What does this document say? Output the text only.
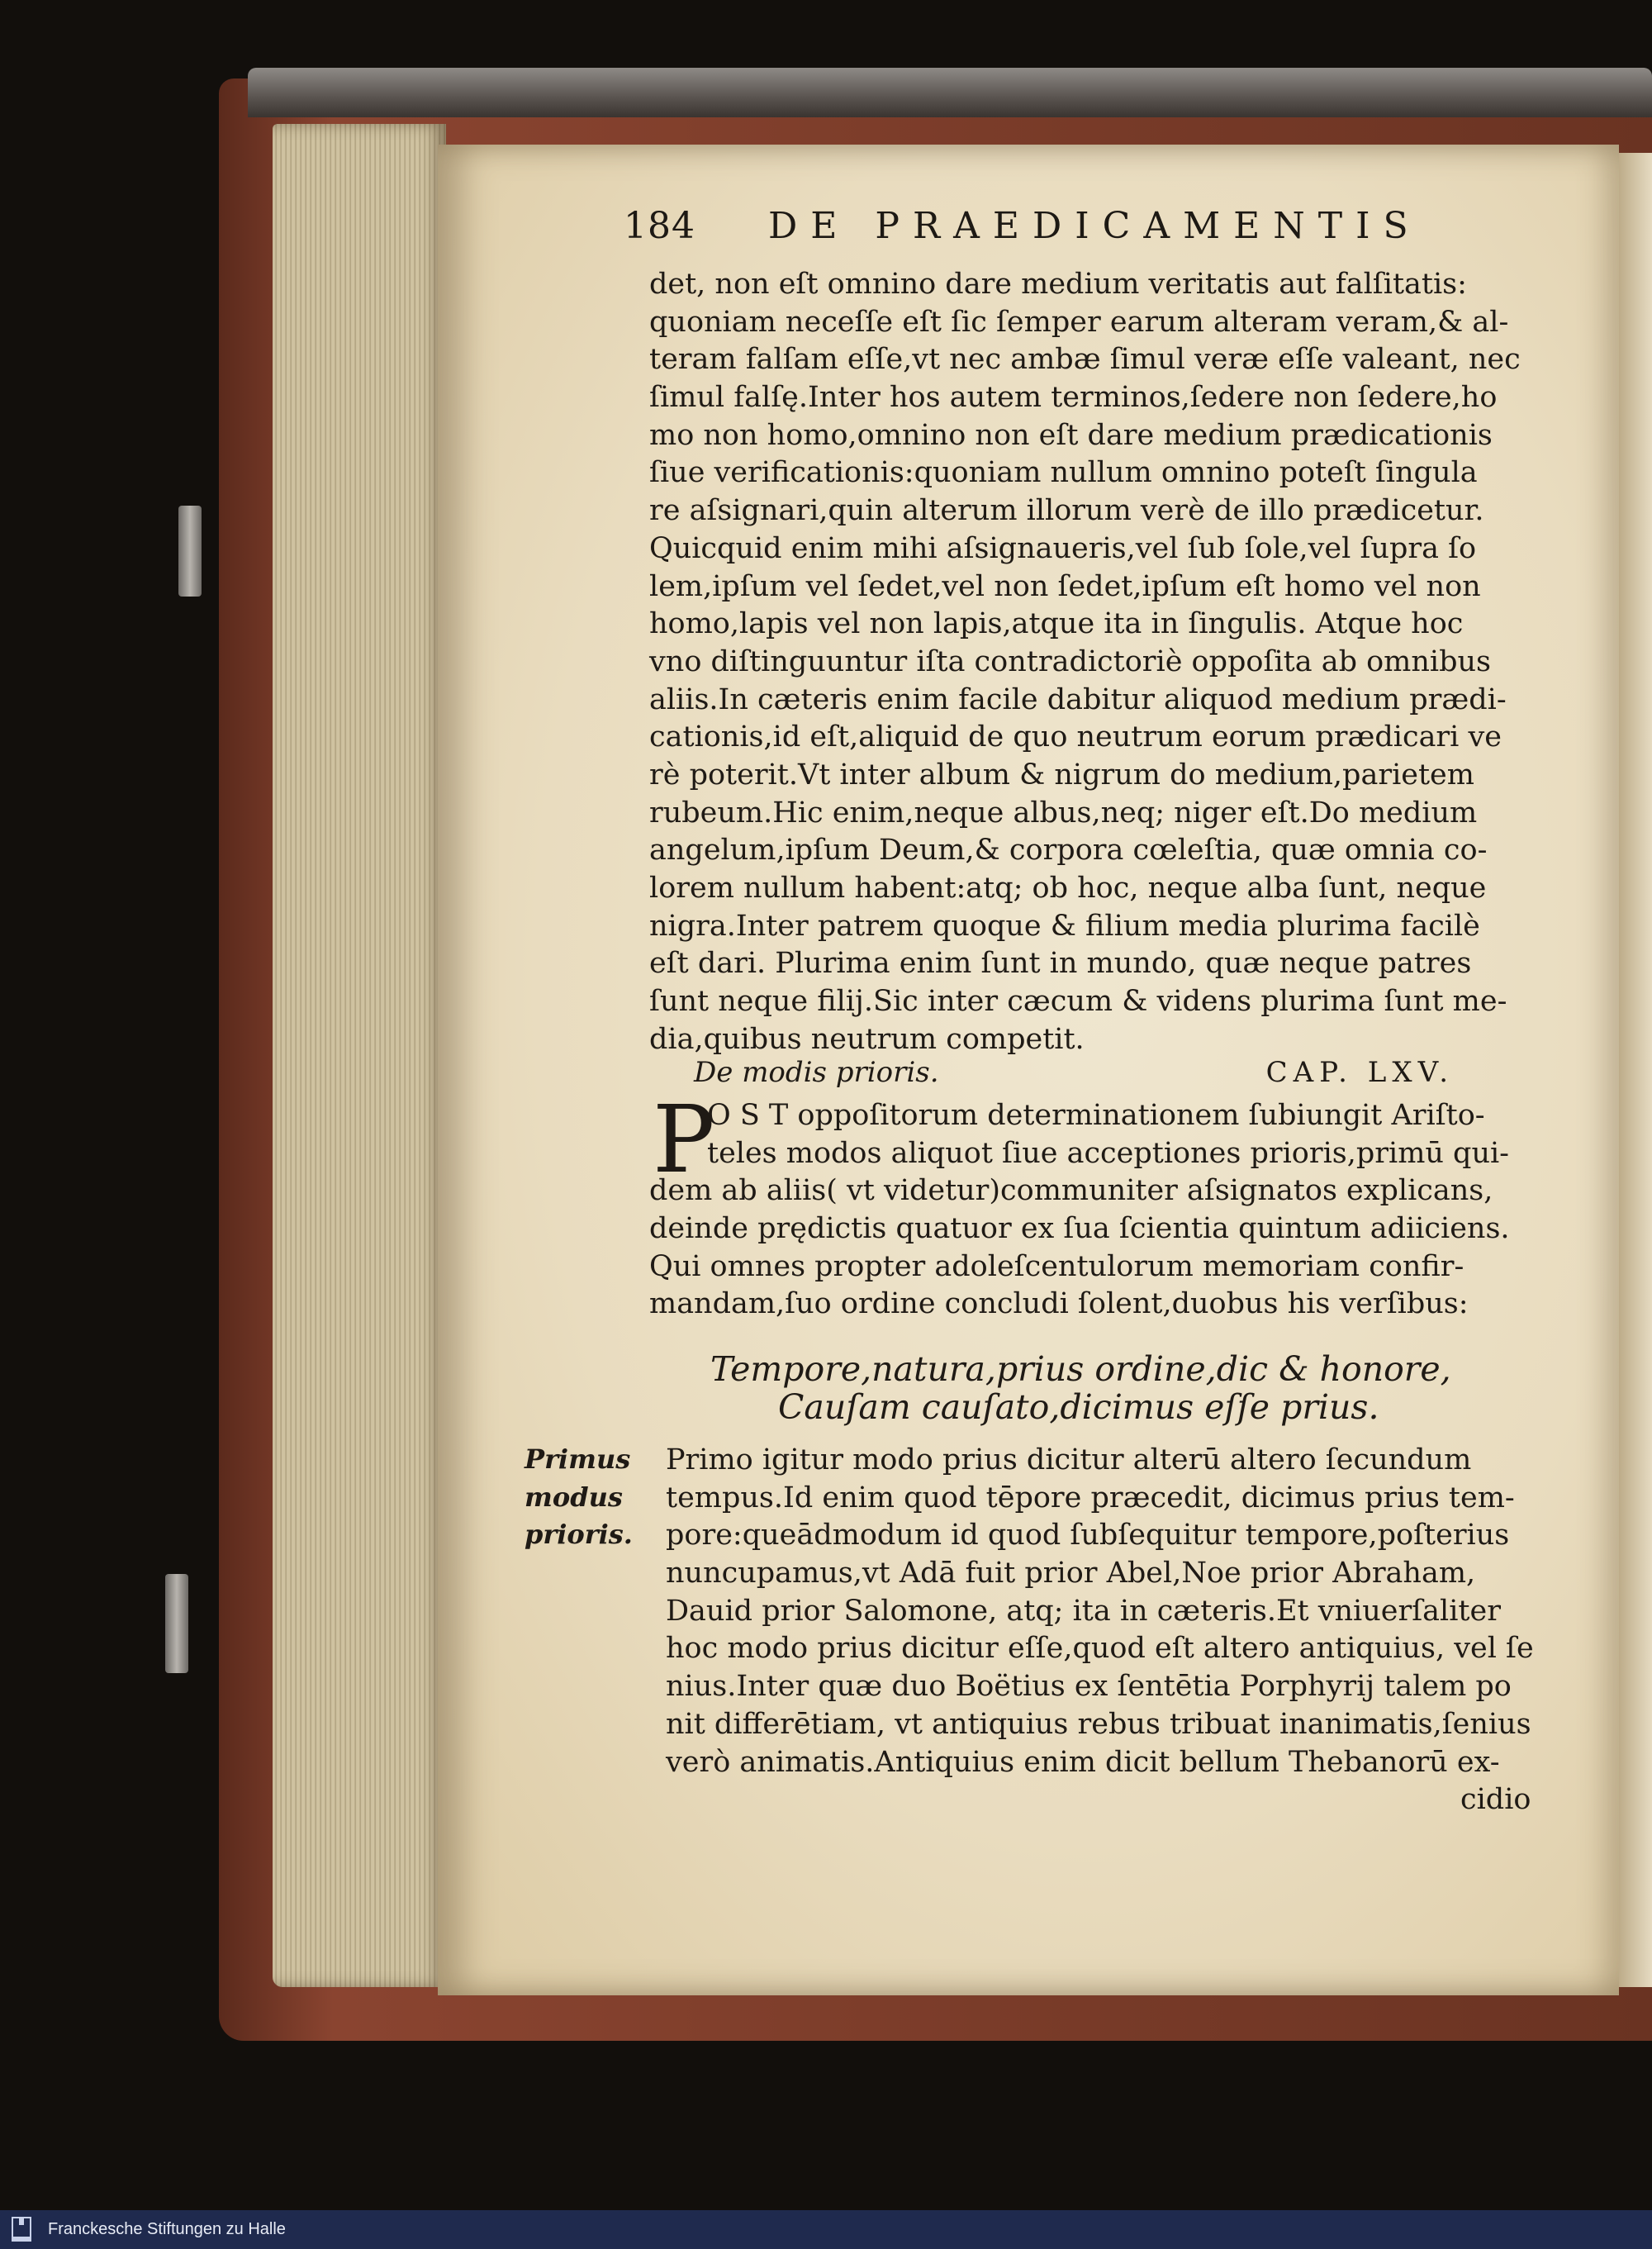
184 DE PRAEDICAMENTIS
det, non eſt omnino dare medium veritatis aut falſitatis:
quoniam neceſſe eſt ſic ſemper earum alteram veram,& al-
teram falſam eſſe,vt nec ambæ ſimul veræ eſſe valeant, nec
ſimul falſę.Inter hos autem terminos,ſedere non ſedere,ho
mo non homo,omnino non eſt dare medium prædicationis
ſiue verificationis:quoniam nullum omnino poteſt ſingula
re aſsignari,quin alterum illorum verè de illo prædicetur.
Quicquid enim mihi aſsignaueris,vel ſub ſole,vel ſupra ſo
lem,ipſum vel ſedet,vel non ſedet,ipſum eſt homo vel non
homo,lapis vel non lapis,atque ita in ſingulis. Atque hoc
vno diſtinguuntur iſta contradictoriè oppoſita ab omnibus
aliis.In cæteris enim facile dabitur aliquod medium prædi-
cationis,id eſt,aliquid de quo neutrum eorum prædicari ve
rè poterit.Vt inter album & nigrum do medium,parietem
rubeum.Hic enim,neque albus,neq; niger eſt.Do medium
angelum,ipſum Deum,& corpora cœleſtia, quæ omnia co-
lorem nullum habent:atq; ob hoc, neque alba ſunt, neque
nigra.Inter patrem quoque & filium media plurima facilè
eſt dari. Plurima enim ſunt in mundo, quæ neque patres
ſunt neque filij.Sic inter cæcum & videns plurima ſunt me-
dia,quibus neutrum competit.
De modis prioris.	CAP. LXV.
P
O S T oppoſitorum determinationem ſubiungit Ariſto-
teles modos aliquot ſiue acceptiones prioris,primū qui-
dem ab aliis( vt videtur)communiter aſsignatos explicans,
deinde prędictis quatuor ex ſua ſcientia quintum adiiciens.
Qui omnes propter adoleſcentulorum memoriam confir-
mandam,ſuo ordine concludi ſolent,duobus his verſibus:
Tempore,natura,prius ordine,dic & honore,
Cauſam cauſato,dicimus eſſe prius.
Primus
modus
prioris.
Primo igitur modo prius dicitur alterū altero ſecundum
tempus.Id enim quod tēpore præcedit, dicimus prius tem-
pore:queādmodum id quod ſubſequitur tempore,poſterius
nuncupamus,vt Adā fuit prior Abel,Noe prior Abraham,
Dauid prior Salomone, atq; ita in cæteris.Et vniuerſaliter
hoc modo prius dicitur eſſe,quod eſt altero antiquius, vel ſe
nius.Inter quæ duo Boëtius ex ſentētia Porphyrij talem po
nit differētiam, vt antiquius rebus tribuat inanimatis,ſenius
verò animatis.Antiquius enim dicit bellum Thebanorū ex-
cidio
Franckesche Stiftungen zu Halle
